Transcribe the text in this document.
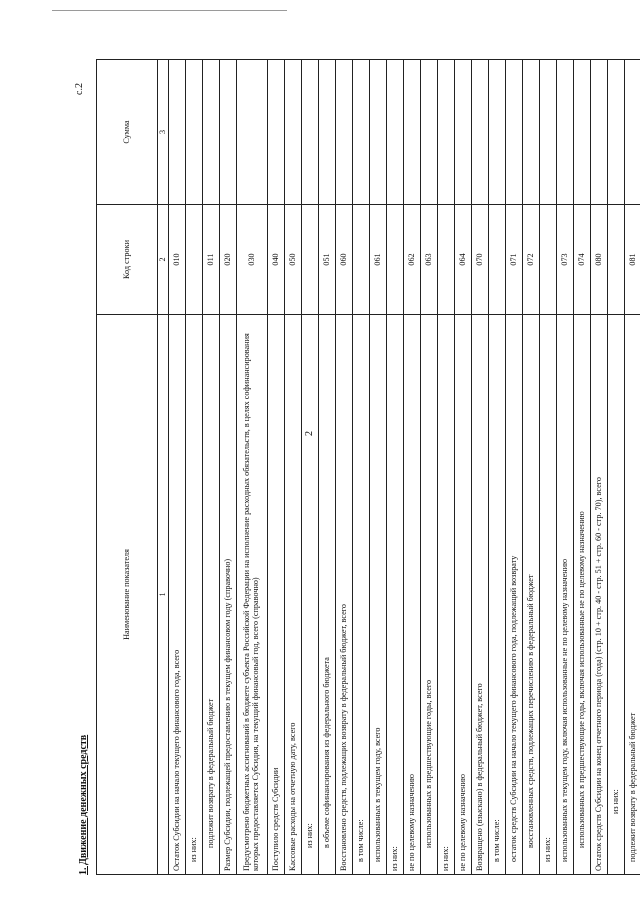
2
с.2
1. Движение денежных средств
Наименование показателя	Код строки	Сумма
1	2	3
Остаток Субсидии на начало текущего финансового года, всего	010	
из них:		
подлежит возврату в федеральный бюджет	011	
Размер Субсидии, подлежащей предоставлению в текущем финансовом году (справочно)	020	
Предусмотрено бюджетных ассигнований в бюджете субъекта Российской Федерации на исполнение расходных обязательств, в целях софинансирования которых предоставляется Субсидия, на текущий финансовый год, всего (справочно)	030	
Поступило средств Субсидии	040	
Кассовые расходы на отчетную дату, всего	050	
из них:		
в объеме софинансирования из федерального бюджета	051	
Восстановлено средств, подлежащих возврату в федеральный бюджет, всего	060	
в том числе:		
использованных в текущем году, всего	061	
из них:		
не по целевому назначению	062	
использованных в предшествующие годы, всего	063	
из них:		
не по целевому назначению	064	
Возвращено (взыскано) в федеральный бюджет, всего	070	
в том числе:		
остаток средств Субсидии на начало текущего финансового года, подлежащий возврату	071	
восстановленных средств, подлежащих перечислению в федеральный бюджет	072	
из них:		
использованных в текущем году, включая использованные не по целевому назначению	073	
использованных в предшествующие годы, включая использованные не по целевому назначению	074	
Остаток средств Субсидии на конец отчетного периода (года) (стр. 10 + стр. 40 - стр. 51 + стр. 60 - стр. 70), всего	080	
из них:		
подлежит возврату в федеральный бюджет	081	
